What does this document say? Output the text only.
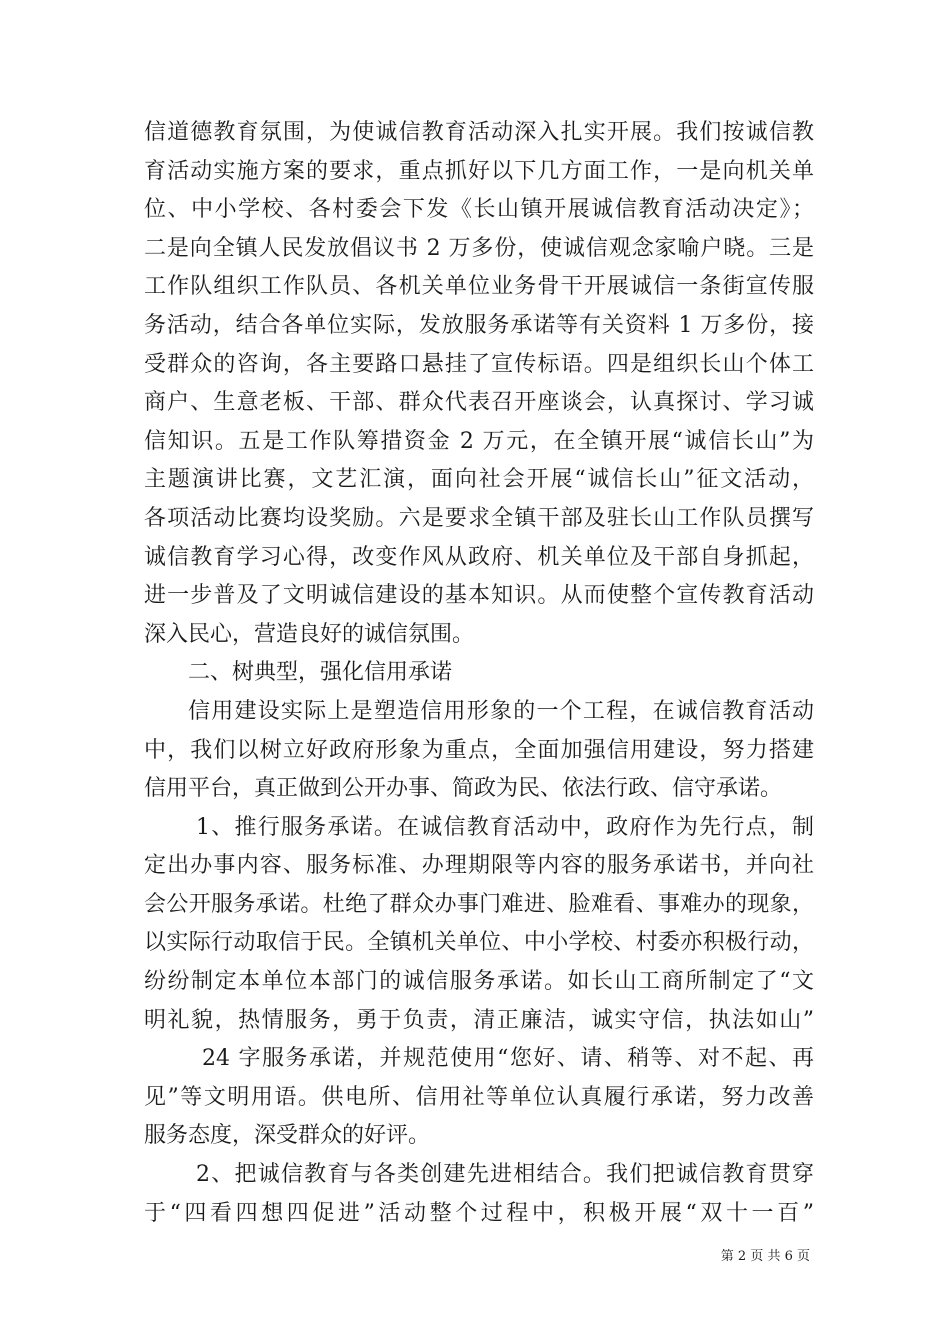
信道德教育氛围，为使诚信教育活动深入扎实开展。我们按诚信教
育活动实施方案的要求，重点抓好以下几方面工作，一是向机关单
位、中小学校、各村委会下发《长山镇开展诚信教育活动决定》；
二是向全镇人民发放倡议书 2 万多份，使诚信观念家喻户晓。三是
工作队组织工作队员、各机关单位业务骨干开展诚信一条街宣传服
务活动，结合各单位实际，发放服务承诺等有关资料 1 万多份，接
受群众的咨询，各主要路口悬挂了宣传标语。四是组织长山个体工
商户、生意老板、干部、群众代表召开座谈会，认真探讨、学习诚
信知识。五是工作队筹措资金 2 万元，在全镇开展“诚信长山”为
主题演讲比赛，文艺汇演，面向社会开展“诚信长山”征文活动，
各项活动比赛均设奖励。六是要求全镇干部及驻长山工作队员撰写
诚信教育学习心得，改变作风从政府、机关单位及干部自身抓起，
进一步普及了文明诚信建设的基本知识。从而使整个宣传教育活动
深入民心，营造良好的诚信氛围。
二、树典型，强化信用承诺
信用建设实际上是塑造信用形象的一个工程，在诚信教育活动
中，我们以树立好政府形象为重点，全面加强信用建设，努力搭建
信用平台，真正做到公开办事、简政为民、依法行政、信守承诺。
1、推行服务承诺。在诚信教育活动中，政府作为先行点，制
定出办事内容、服务标准、办理期限等内容的服务承诺书，并向社
会公开服务承诺。杜绝了群众办事门难进、脸难看、事难办的现象，
以实际行动取信于民。全镇机关单位、中小学校、村委亦积极行动，
纷纷制定本单位本部门的诚信服务承诺。如长山工商所制定了“文
明礼貌，热情服务，勇于负责，清正廉洁，诚实守信，执法如山”
24 字服务承诺，并规范使用“您好、请、稍等、对不起、再
见”等文明用语。供电所、信用社等单位认真履行承诺，努力改善
服务态度，深受群众的好评。
2、把诚信教育与各类创建先进相结合。我们把诚信教育贯穿
于“四看四想四促进”活动整个过程中，积极开展“双十一百”
第 2 页 共 6 页
